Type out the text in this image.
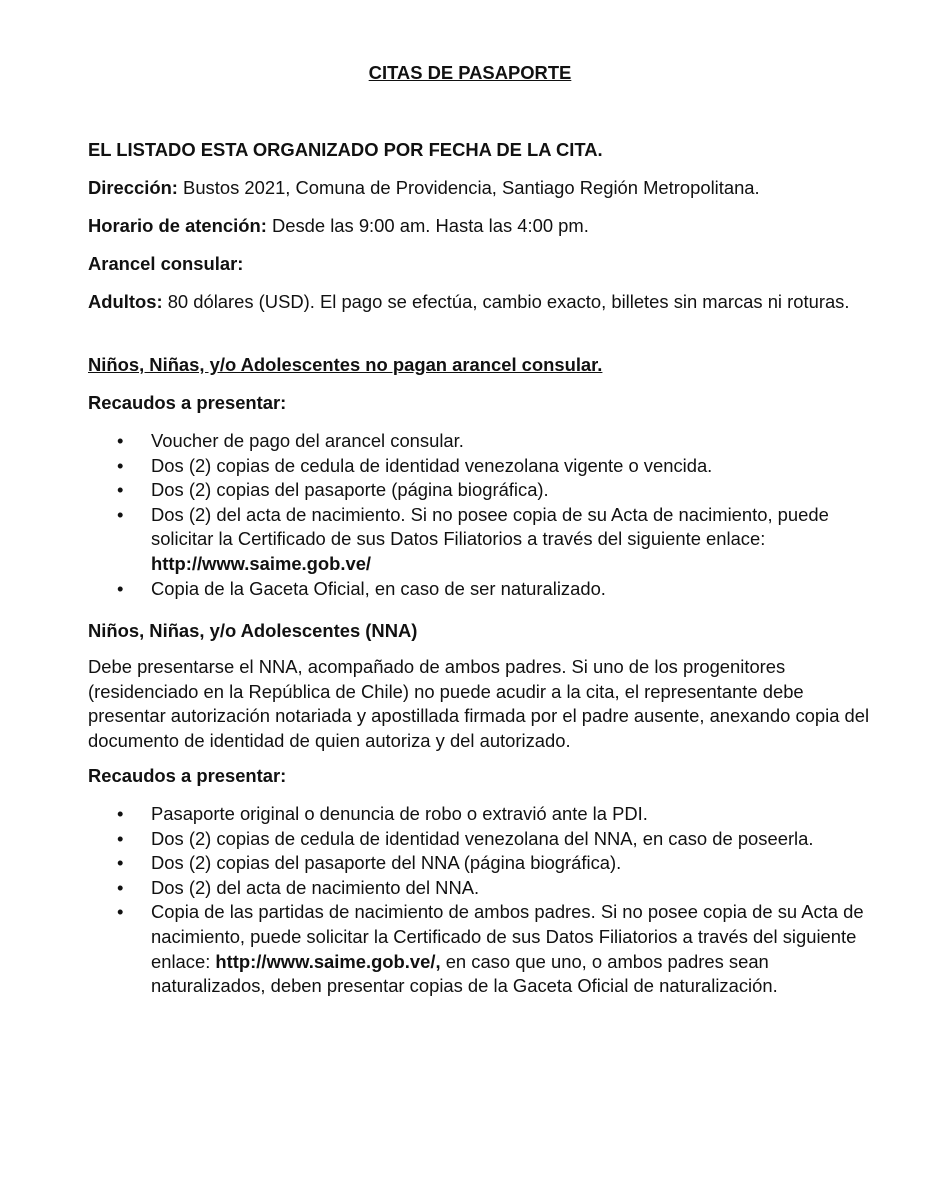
CITAS DE PASAPORTE

EL LISTADO ESTA ORGANIZADO POR FECHA DE LA CITA.

Dirección: Bustos 2021, Comuna de Providencia, Santiago Región Metropolitana.

Horario de atención: Desde las 9:00 am. Hasta las 4:00 pm.

Arancel consular:

Adultos: 80 dólares (USD). El pago se efectúa, cambio exacto, billetes sin marcas ni roturas.

Niños, Niñas, y/o Adolescentes no pagan arancel consular.

Recaudos a presentar:

• Voucher de pago del arancel consular.
• Dos (2) copias de cedula de identidad venezolana vigente o vencida.
• Dos (2) copias del pasaporte (página biográfica).
• Dos (2) del acta de nacimiento. Si no posee copia de su Acta de nacimiento, puede solicitar la Certificado de sus Datos Filiatorios a través del siguiente enlace:
http://www.saime.gob.ve/
• Copia de la Gaceta Oficial, en caso de ser naturalizado.

Niños, Niñas, y/o Adolescentes (NNA)

Debe presentarse el NNA, acompañado de ambos padres. Si uno de los progenitores (residenciado en la República de Chile) no puede acudir a la cita, el representante debe presentar autorización notariada y apostillada firmada por el padre ausente, anexando copia del documento de identidad de quien autoriza y del autorizado.

Recaudos a presentar:

• Pasaporte original o denuncia de robo o extravió ante la PDI.
• Dos (2) copias de cedula de identidad venezolana del NNA, en caso de poseerla.
• Dos (2) copias del pasaporte del NNA (página biográfica).
• Dos (2) del acta de nacimiento del NNA.
• Copia de las partidas de nacimiento de ambos padres. Si no posee copia de su Acta de nacimiento, puede solicitar la Certificado de sus Datos Filiatorios a través del siguiente enlace: http://www.saime.gob.ve/, en caso que uno, o ambos padres sean naturalizados, deben presentar copias de la Gaceta Oficial de naturalización.
